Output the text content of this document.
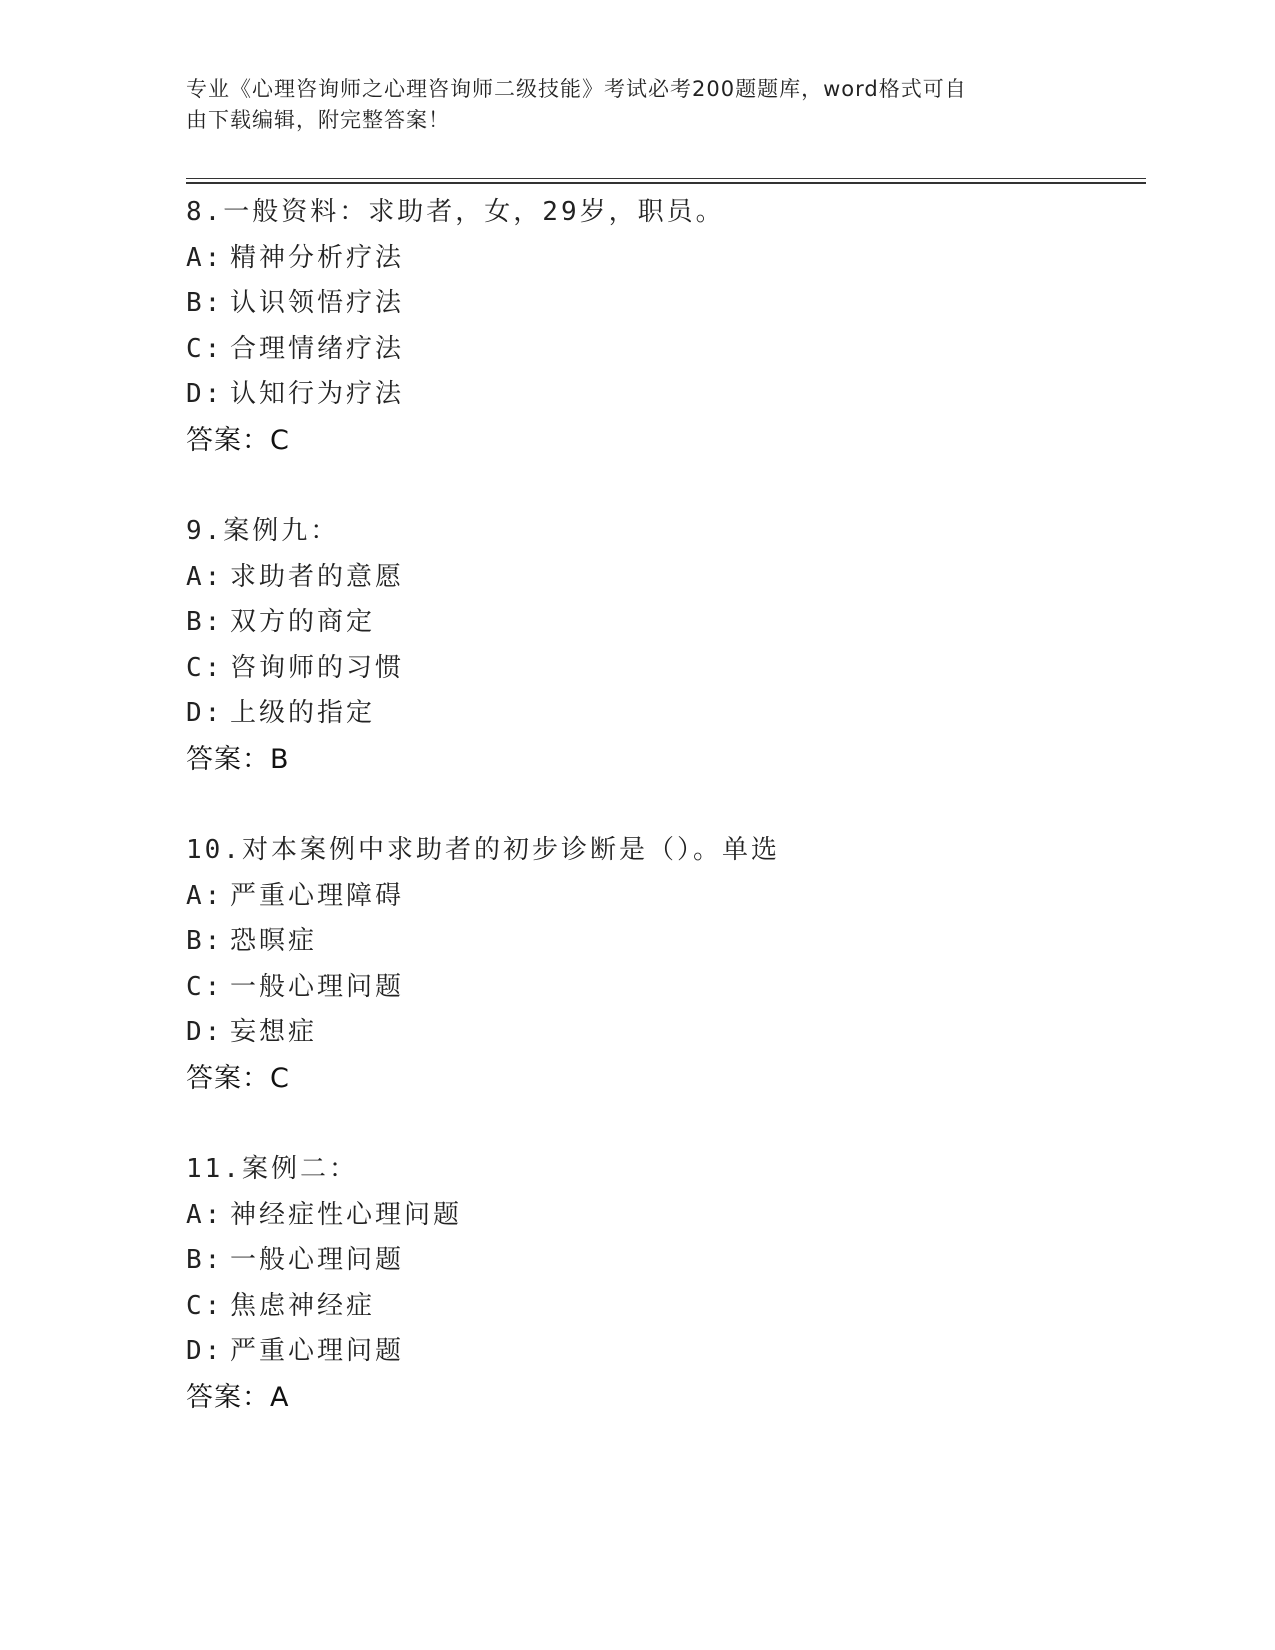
专业《心理咨询师之心理咨询师二级技能》考试必考200题题库，word格式可自
由下载编辑，附完整答案！
8.一般资料：求助者，女，29岁，职员。
A: 精神分析疗法
B: 认识领悟疗法
C: 合理情绪疗法
D: 认知行为疗法
答案：C
9.案例九：
A: 求助者的意愿
B: 双方的商定
C: 咨询师的习惯
D: 上级的指定
答案：B
10.对本案例中求助者的初步诊断是（）。单选
A: 严重心理障碍
B: 恐暝症
C: 一般心理问题
D: 妄想症
答案：C
11.案例二：
A: 神经症性心理问题
B: 一般心理问题
C: 焦虑神经症
D: 严重心理问题
答案：A
